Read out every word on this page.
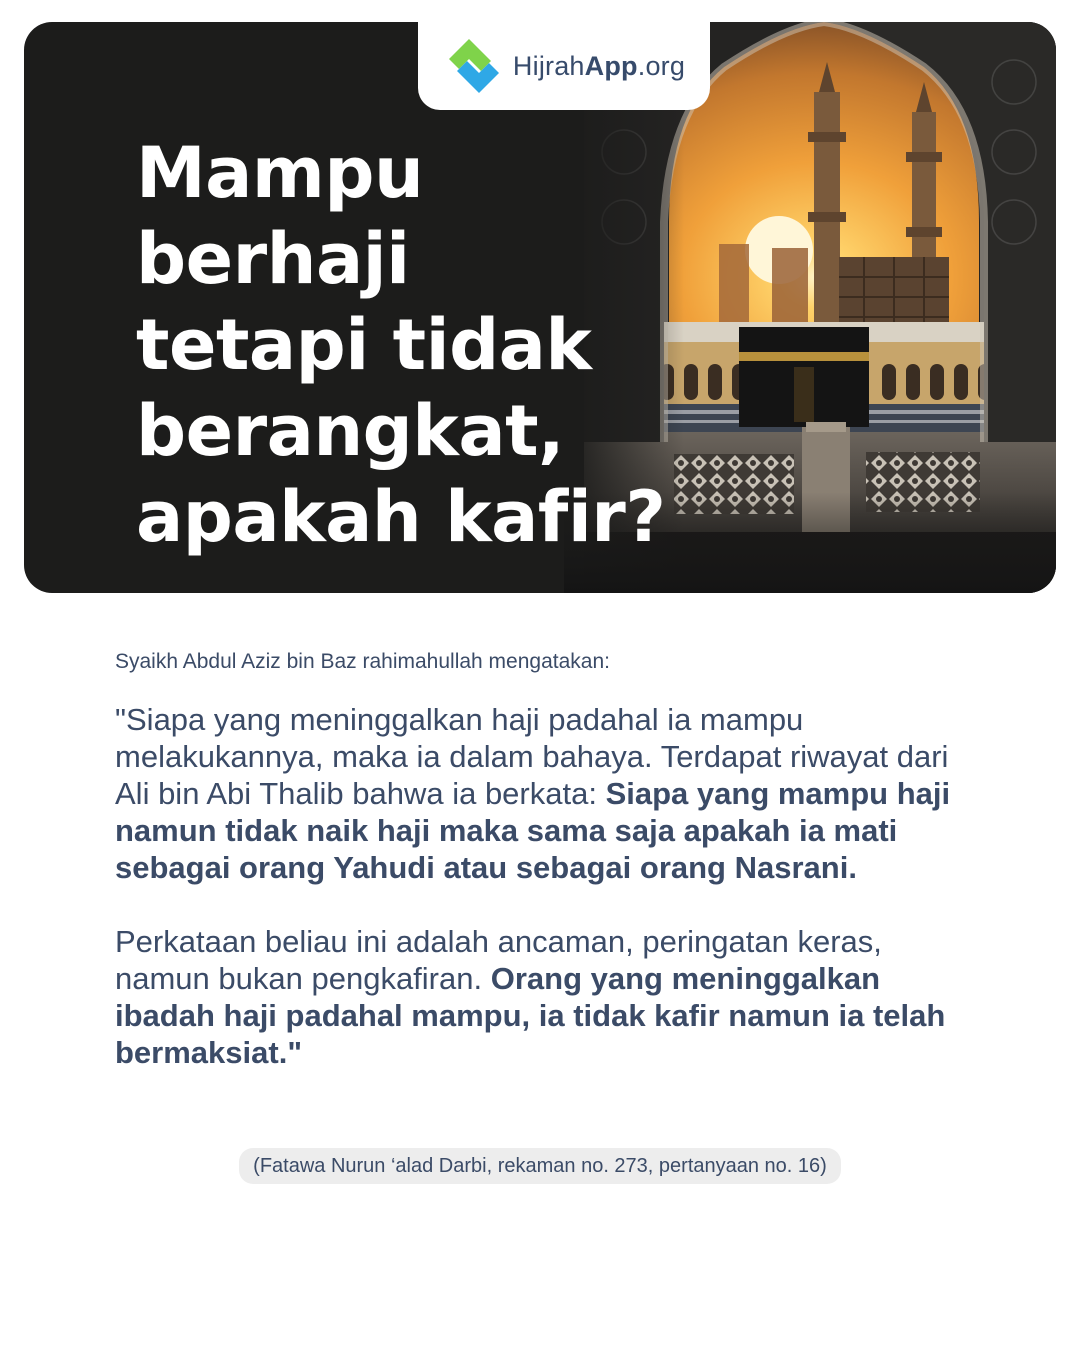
HijrahApp.org
Mampu
berhaji
tetapi tidak
berangkat,
apakah kafir?

Syaikh Abdul Aziz bin Baz rahimahullah mengatakan:

"Siapa yang meninggalkan haji padahal ia mampu melakukannya, maka ia dalam bahaya. Terdapat riwayat dari Ali bin Abi Thalib bahwa ia berkata: Siapa yang mampu haji namun tidak naik haji maka sama saja apakah ia mati sebagai orang Yahudi atau sebagai orang Nasrani.

Perkataan beliau ini adalah ancaman, peringatan keras, namun bukan pengkafiran. Orang yang meninggalkan ibadah haji padahal mampu, ia tidak kafir namun ia telah bermaksiat."

(Fatawa Nurun ‘alad Darbi, rekaman no. 273, pertanyaan no. 16)
